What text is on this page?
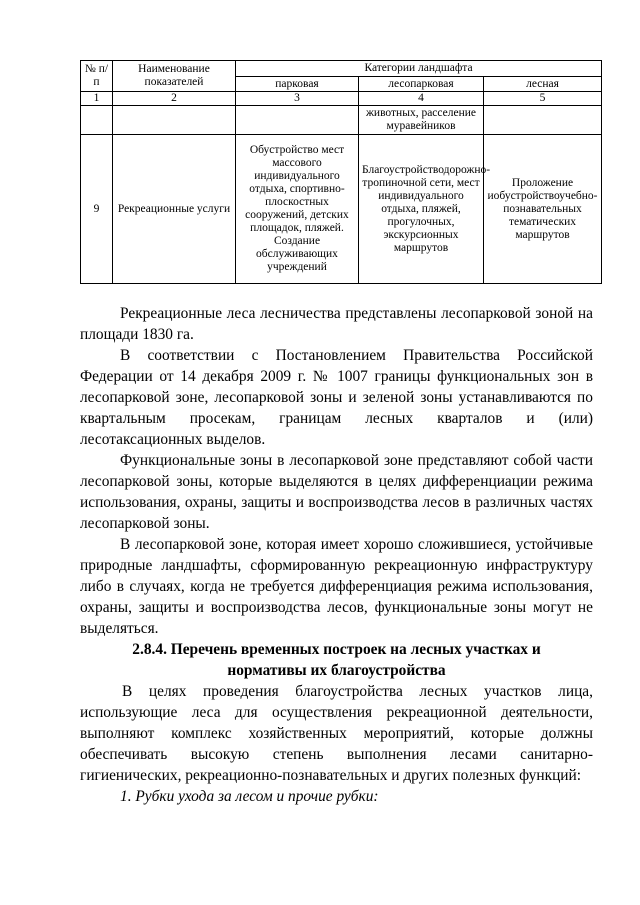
№ п/п	Наименование показателей	Категории ландшафта		
		парковая	лесопарковая	лесная
1	2	3	4	5
			животных, расселение муравейников	
9	Рекреационные услуги	Обустройство мест массового индивидуального отдыха, спортивно-плоскостных сооружений, детских площадок, пляжей. Создание обслуживающих учреждений	Благоустройстводорожно-тропиночной сети, мест индивидуального отдыха, пляжей, прогулочных, экскурсионных маршрутов	Проложение иобустройствоучебно-познавательных тематических маршрутов

Рекреационные леса лесничества представлены лесопарковой зоной на площади 1830 га.

В соответствии с Постановлением Правительства Российской Федерации от 14 декабря 2009 г. № 1007 границы функциональных зон в лесопарковой зоне, лесопарковой зоны и зеленой зоны устанавливаются по квартальным просекам, границам лесных кварталов и (или) лесотаксационных выделов.

Функциональные зоны в лесопарковой зоне представляют собой части лесопарковой зоны, которые выделяются в целях дифференциации режима использования, охраны, защиты и воспроизводства лесов в различных частях лесопарковой зоны.

В лесопарковой зоне, которая имеет хорошо сложившиеся, устойчивые природные ландшафты, сформированную рекреационную инфраструктуру либо в случаях, когда не требуется дифференциация режима использования, охраны, защиты и воспроизводства лесов, функциональные зоны могут не выделяться.

2.8.4. Перечень временных построек на лесных участках и
нормативы их благоустройства

В целях проведения благоустройства лесных участков лица, использующие леса для осуществления рекреационной деятельности, выполняют комплекс хозяйственных мероприятий, которые должны обеспечивать высокую степень выполнения лесами санитарно-гигиенических, рекреационно-познавательных и других полезных функций:

1. Рубки ухода за лесом и прочие рубки:
